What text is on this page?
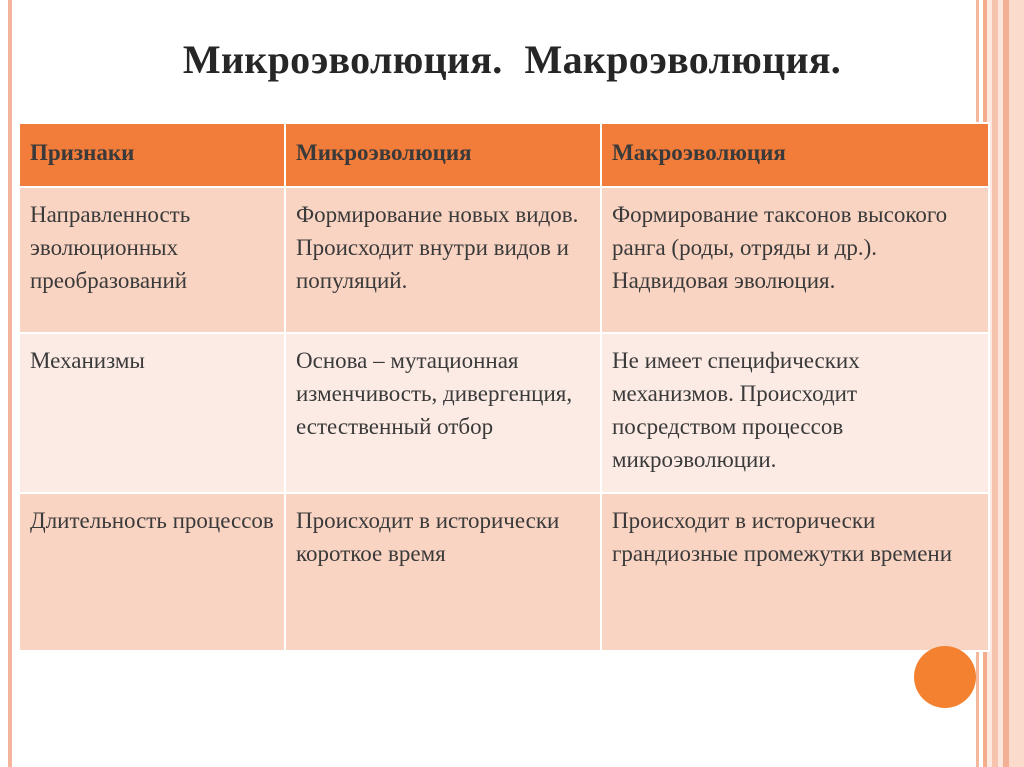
Микроэволюция. Макроэволюция.
Признаки	Микроэволюция	Макроэволюция
Направленность эволюционных преобразований	Формирование новых видов. Происходит внутри видов и популяций.	Формирование таксонов высокого ранга (роды, отряды и др.). Надвидовая эволюция.
Механизмы	Основа – мутационная изменчивость, дивергенция, естественный отбор	Не имеет специфических механизмов. Происходит посредством процессов микроэволюции.
Длительность процессов	Происходит в исторически короткое время	Происходит в исторически грандиозные промежутки времени
